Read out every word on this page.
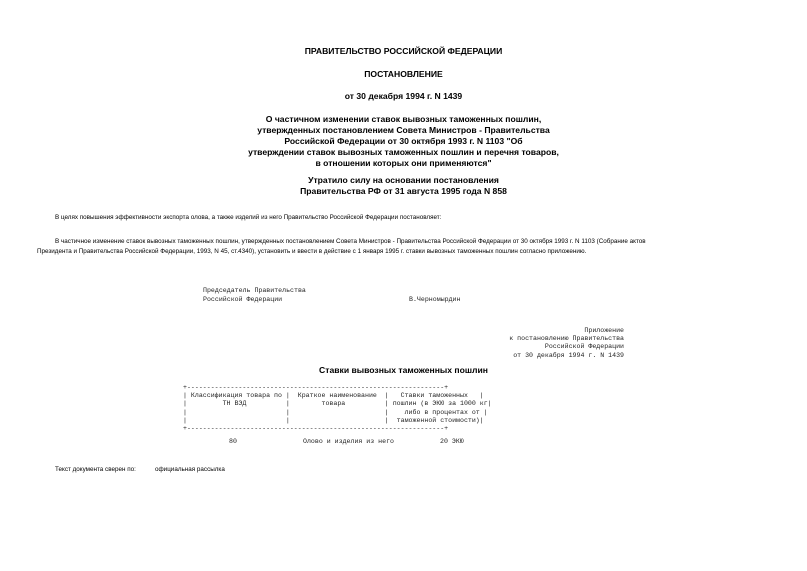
ПРАВИТЕЛЬСТВО РОССИЙСКОЙ ФЕДЕРАЦИИ
ПОСТАНОВЛЕНИЕ
от 30 декабря 1994 г. N 1439
О частичном изменении ставок вывозных таможенных пошлин,
утвержденных постановлением Совета Министров - Правительства
Российской Федерации от 30 октября 1993 г. N 1103 "Об
утверждении ставок вывозных таможенных пошлин и перечня товаров,
в отношении которых они применяются"
Утратило силу на основании постановления
Правительства РФ от 31 августа 1995 года N 858
В целях повышения эффективности экспорта олова, а также изделий из него Правительство Российской Федерации постановляет:
В частичное изменение ставок вывозных таможенных пошлин, утвержденных постановлением Совета Министров - Правительства Российской Федерации от 30 октября 1993 г. N 1103 (Собрание актов
Президента и Правительства Российской Федерации, 1993, N 45, ст.4340), установить и ввести в действие с 1 января 1995 г. ставки вывозных таможенных пошлин согласно приложению.
Председатель Правительства
Российской Федерации	В.Черномырдин
Приложение
к постановлению Правительства
Российской Федерации
от 30 декабря 1994 г. N 1439
Ставки вывозных таможенных пошлин
+-----------------------------------------------------------------+
| Классификация товара по |  Краткое наименование  |   Ставки таможенных   |
|         ТН ВЭД          |        товара          | пошлин (в ЭКЮ за 1000 кг|
|                         |                        |    либо в процентах от |
|                         |                        |  таможенной стоимости)|
+-----------------------------------------------------------------+
80	Олово и изделия из него	20 ЭКЮ
Текст документа сверен по:	официальная рассылка
